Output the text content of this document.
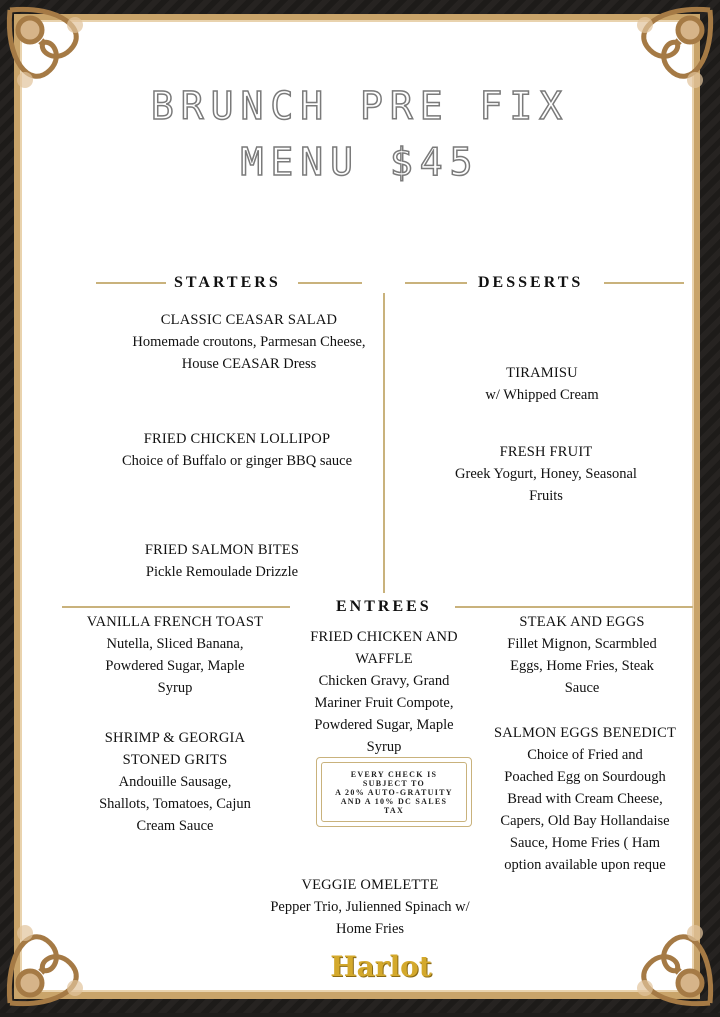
BRUNCH PRE FIX
MENU $45
STARTERS	DESSERTS
ENTREES
CLASSIC CEASAR SALAD
Homemade croutons, Parmesan Cheese,
House CEASAR Dress
FRIED CHICKEN LOLLIPOP
Choice of Buffalo or ginger BBQ sauce
FRIED SALMON BITES
Pickle Remoulade Drizzle
TIRAMISU
w/ Whipped Cream
FRESH FRUIT
Greek Yogurt, Honey, Seasonal
Fruits
VANILLA FRENCH TOAST
Nutella, Sliced Banana,
Powdered Sugar, Maple
Syrup
SHRIMP & GEORGIA
STONED GRITS
Andouille Sausage,
Shallots, Tomatoes, Cajun
Cream Sauce
FRIED CHICKEN AND
WAFFLE
Chicken Gravy, Grand
Mariner Fruit Compote,
Powdered Sugar, Maple
Syrup
EVERY CHECK IS
SUBJECT TO
A 20% AUTO-GRATUITY
AND A 10% DC SALES
TAX
STEAK AND EGGS
Fillet Mignon, Scarmbled
Eggs, Home Fries, Steak
Sauce
SALMON EGGS BENEDICT
Choice of Fried and
Poached Egg on Sourdough
Bread with Cream Cheese,
Capers, Old Bay Hollandaise
Sauce, Home Fries ( Ham
option available upon reque
VEGGIE OMELETTE
Pepper Trio, Julienned Spinach w/
Home Fries
Harlot
